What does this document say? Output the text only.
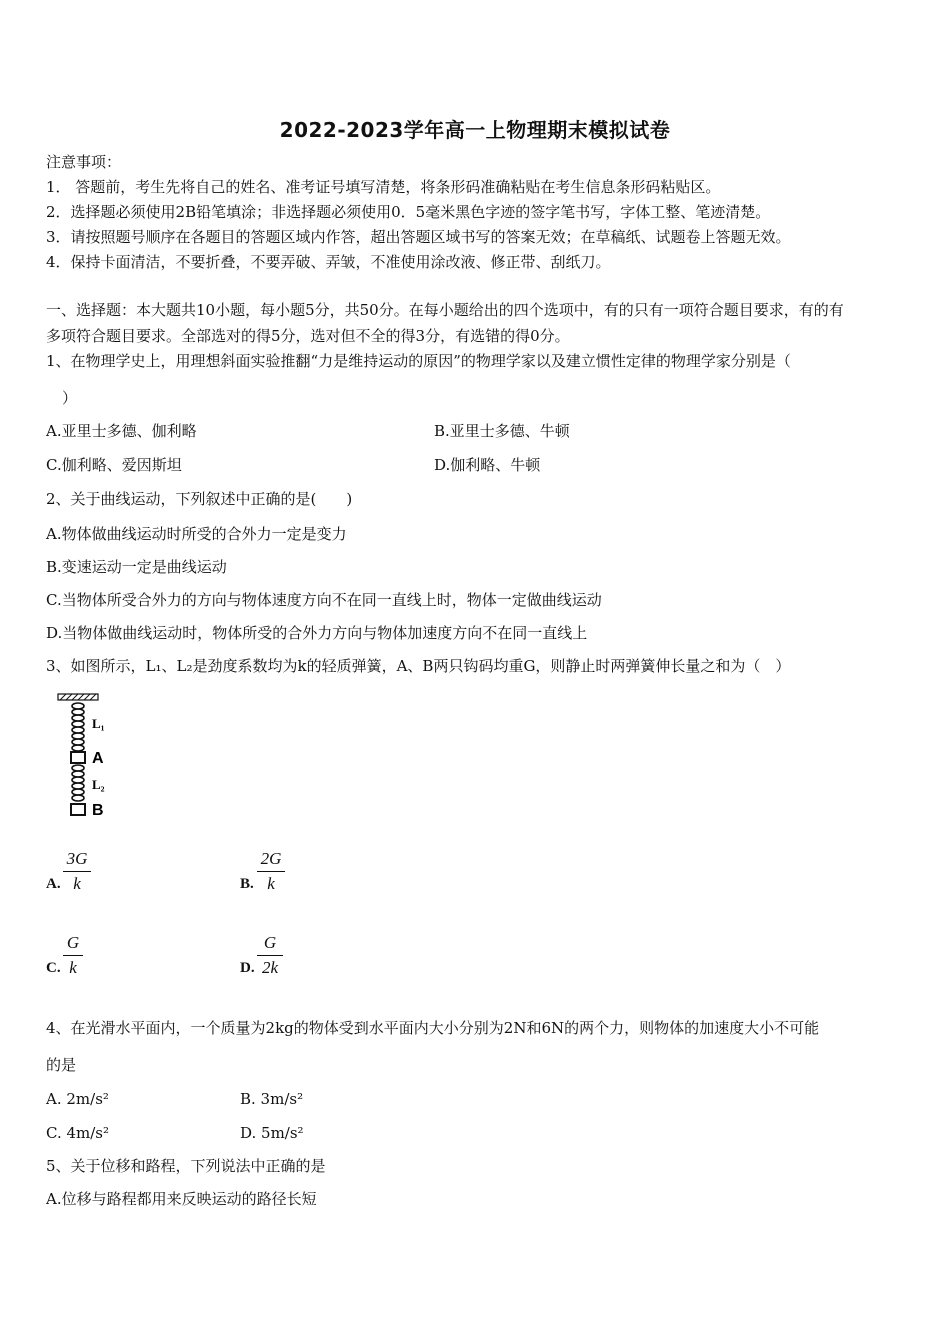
2022-2023学年高一上物理期末模拟试卷
注意事项：
1． 答题前，考生先将自己的姓名、准考证号填写清楚，将条形码准确粘贴在考生信息条形码粘贴区。
2．选择题必须使用2B铅笔填涂；非选择题必须使用0．5毫米黑色字迹的签字笔书写，字体工整、笔迹清楚。
3．请按照题号顺序在各题目的答题区域内作答，超出答题区域书写的答案无效；在草稿纸、试题卷上答题无效。
4．保持卡面清洁，不要折叠，不要弄破、弄皱，不准使用涂改液、修正带、刮纸刀。
一、选择题：本大题共10小题，每小题5分，共50分。在每小题给出的四个选项中，有的只有一项符合题目要求，有的有
多项符合题目要求。全部选对的得5分，选对但不全的得3分，有选错的得0分。
1、在物理学史上，用理想斜面实验推翻“力是维持运动的原因”的物理学家以及建立惯性定律的物理学家分别是（
）
A.亚里士多德、伽利略	B.亚里士多德、牛顿
C.伽利略、爱因斯坦	D.伽利略、牛顿
2、关于曲线运动，下列叙述中正确的是(　　)
A.物体做曲线运动时所受的合外力一定是变力
B.变速运动一定是曲线运动
C.当物体所受合外力的方向与物体速度方向不在同一直线上时，物体一定做曲线运动
D.当物体做曲线运动时，物体所受的合外力方向与物体加速度方向不在同一直线上
3、如图所示，L₁、L₂是劲度系数均为k的轻质弹簧，A、B两只钩码均重G，则静止时两弹簧伸长量之和为（　）
L₁
A
L₂
B
A.
3G
k	B.
2G
k
C.
G
k	D.
G
2k
4、在光滑水平面内，一个质量为2kg的物体受到水平面内大小分别为2N和6N的两个力，则物体的加速度大小不可能
的是
A. 2m/s²	B. 3m/s²
C. 4m/s²	D. 5m/s²
5、关于位移和路程，下列说法中正确的是
A.位移与路程都用来反映运动的路径长短
